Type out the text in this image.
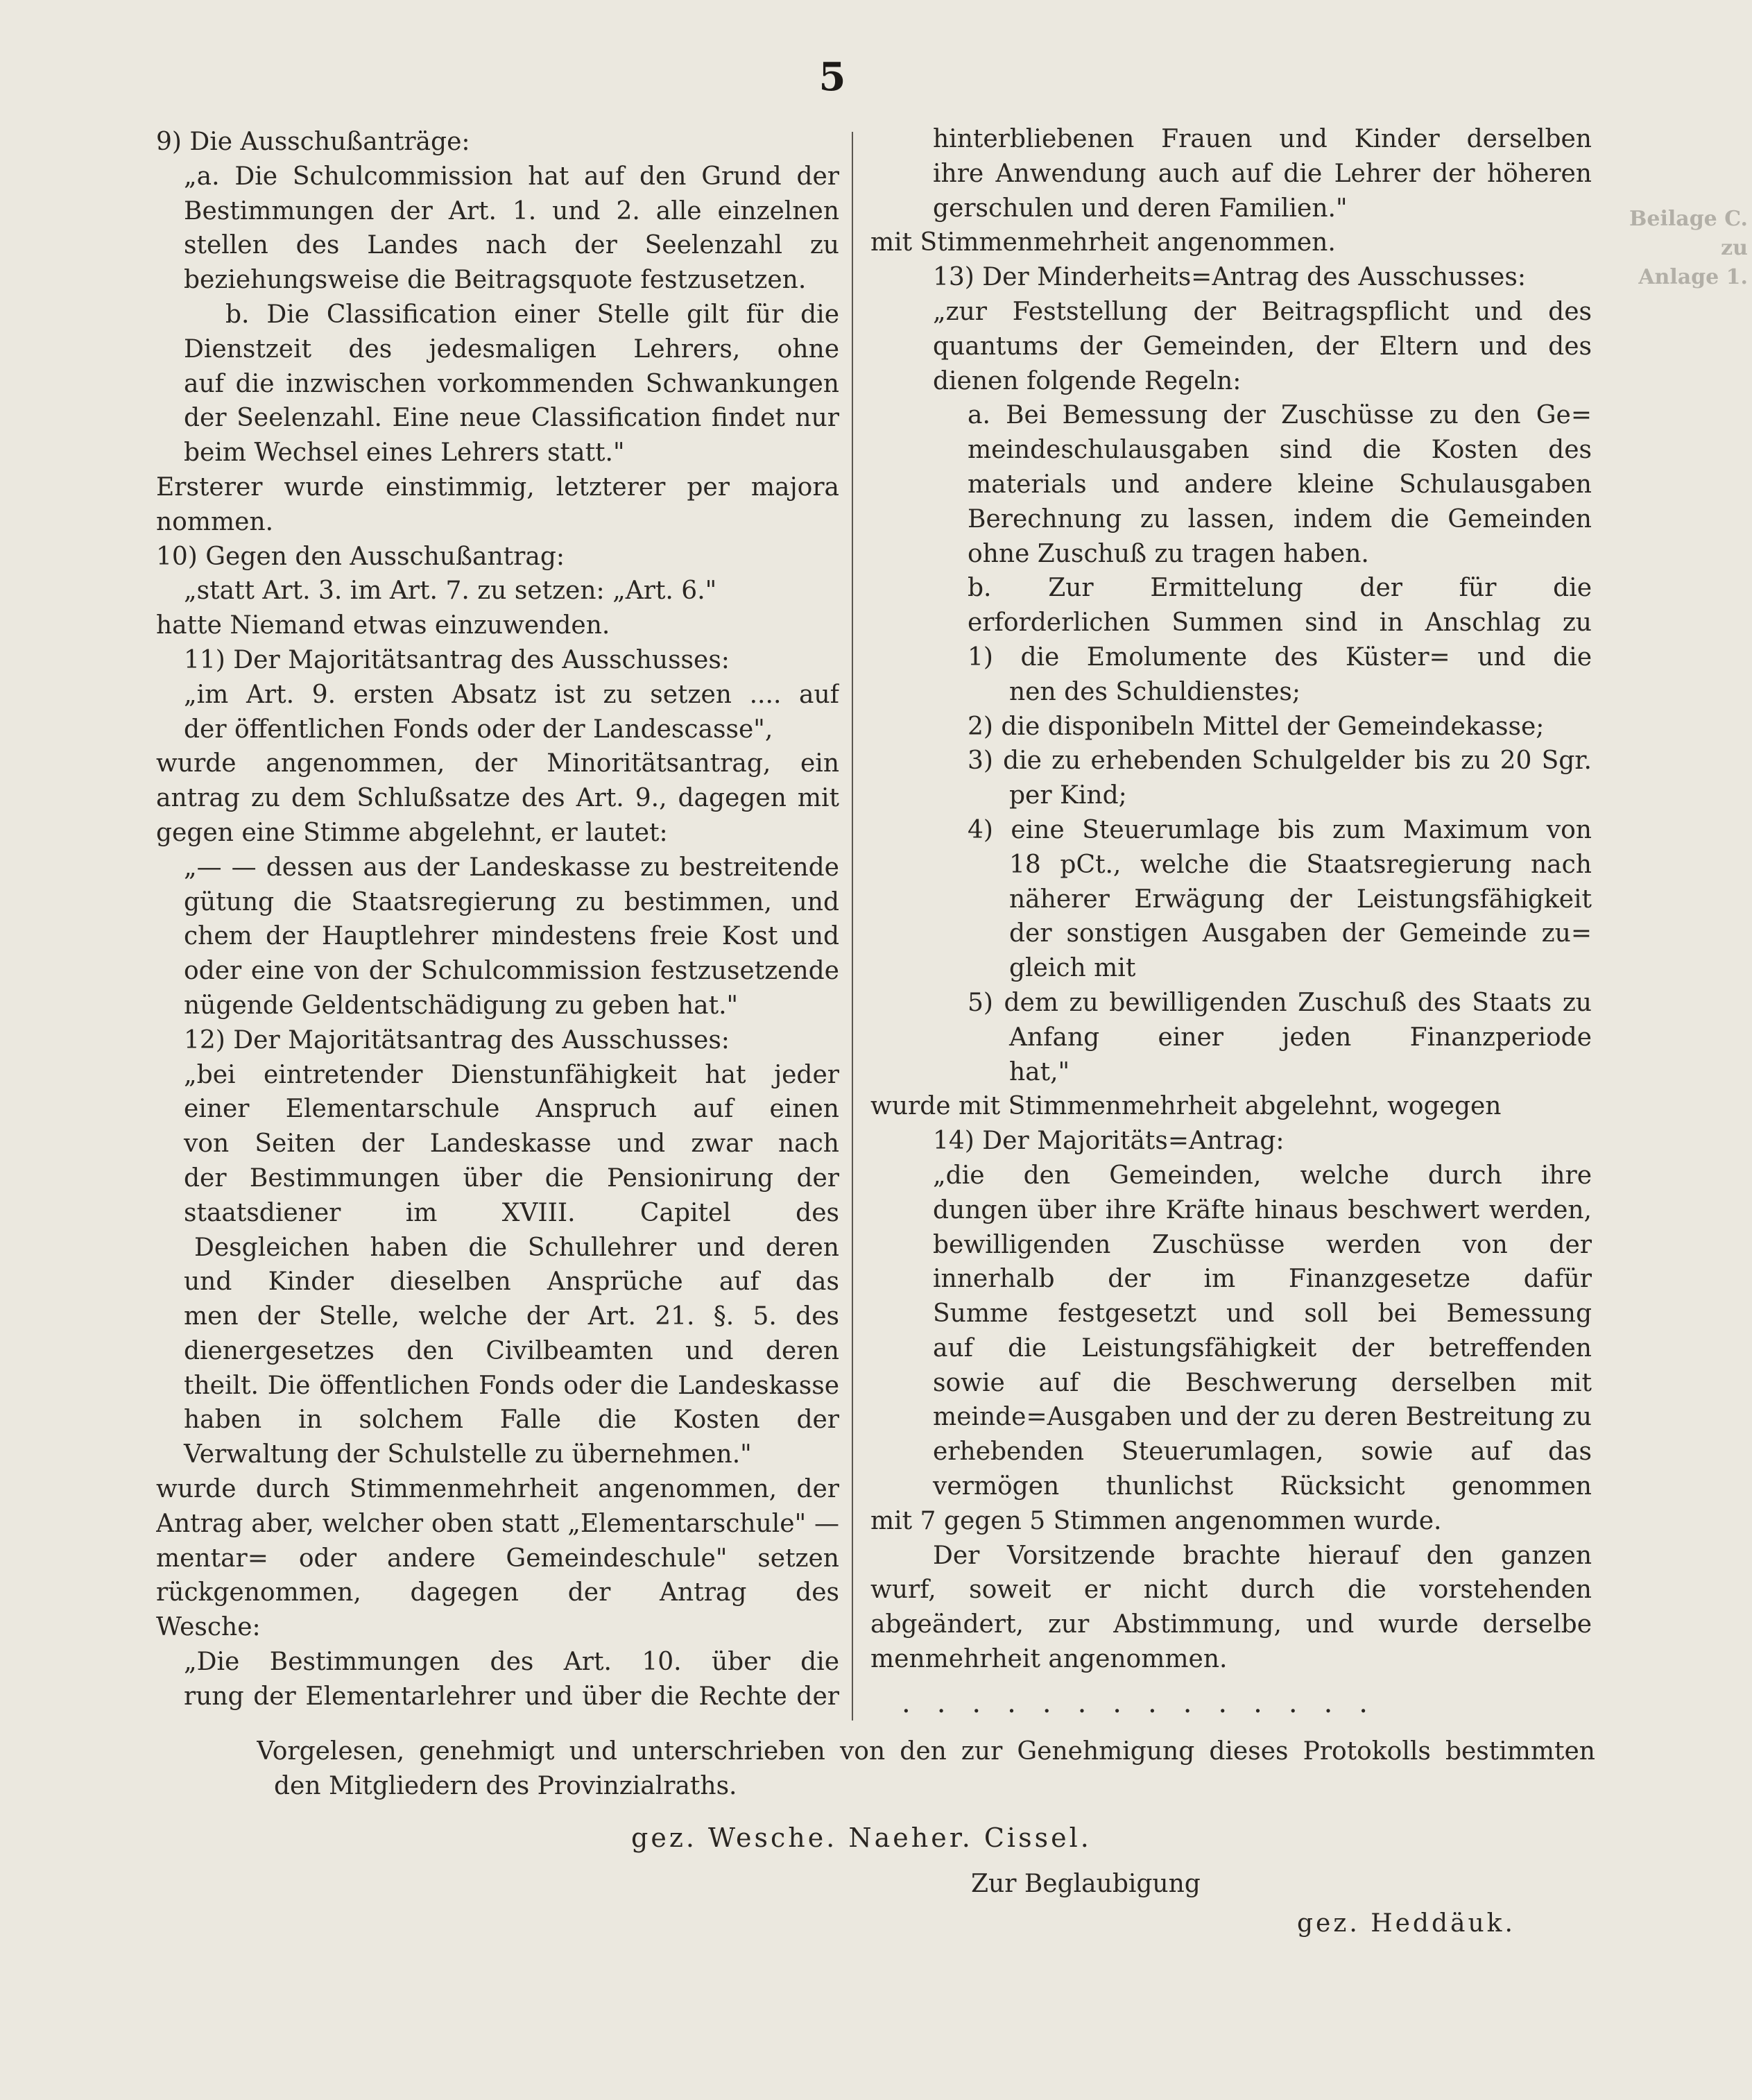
Beilage C. zu
Anlage 1.
5
9) Die Ausschußanträge:
„a. Die Schulcommission hat auf den Grund der
Bestimmungen der Art. 1. und 2. alle einzelnen
stellen des Landes nach der Seelenzahl zu
beziehungsweise die Beitragsquote festzusetzen.
b. Die Classification einer Stelle gilt für die
Dienstzeit des jedesmaligen Lehrers, ohne
auf die inzwischen vorkommenden Schwankungen
der Seelenzahl. Eine neue Classification findet nur
beim Wechsel eines Lehrers statt."
Ersterer wurde einstimmig, letzterer per majora
nommen.
10) Gegen den Ausschußantrag:
„statt Art. 3. im Art. 7. zu setzen: „Art. 6."
hatte Niemand etwas einzuwenden.
11) Der Majoritätsantrag des Ausschusses:
„im Art. 9. ersten Absatz ist zu setzen .... auf
der öffentlichen Fonds oder der Landescasse",
wurde angenommen, der Minoritätsantrag, ein
antrag zu dem Schlußsatze des Art. 9., dagegen mit
gegen eine Stimme abgelehnt, er lautet:
„— — dessen aus der Landeskasse zu bestreitende
gütung die Staatsregierung zu bestimmen, und
chem der Hauptlehrer mindestens freie Kost und
oder eine von der Schulcommission festzusetzende
nügende Geldentschädigung zu geben hat."
12) Der Majoritätsantrag des Ausschusses:
„bei eintretender Dienstunfähigkeit hat jeder
einer Elementarschule Anspruch auf einen
von Seiten der Landeskasse und zwar nach
der Bestimmungen über die Pensionirung der
staatsdiener im XVIII. Capitel des
Desgleichen haben die Schullehrer und deren
und Kinder dieselben Ansprüche auf das
men der Stelle, welche der Art. 21. §. 5. des
dienergesetzes den Civilbeamten und deren
theilt. Die öffentlichen Fonds oder die Landeskasse
haben in solchem Falle die Kosten der
Verwaltung der Schulstelle zu übernehmen."
wurde durch Stimmenmehrheit angenommen, der
Antrag aber, welcher oben statt „Elementarschule" —
mentar= oder andere Gemeindeschule" setzen
rückgenommen, dagegen der Antrag des
Wesche:
„Die Bestimmungen des Art. 10. über die
rung der Elementarlehrer und über die Rechte der
hinterbliebenen Frauen und Kinder derselben
ihre Anwendung auch auf die Lehrer der höheren
gerschulen und deren Familien."
mit Stimmenmehrheit angenommen.
13) Der Minderheits=Antrag des Ausschusses:
„zur Feststellung der Beitragspflicht und des
quantums der Gemeinden, der Eltern und des
dienen folgende Regeln:
a. Bei Bemessung der Zuschüsse zu den Ge=
meindeschulausgaben sind die Kosten des
materials und andere kleine Schulausgaben
Berechnung zu lassen, indem die Gemeinden
ohne Zuschuß zu tragen haben.
b. Zur Ermittelung der für die
erforderlichen Summen sind in Anschlag zu
1) die Emolumente des Küster= und die
nen des Schuldienstes;
2) die disponibeln Mittel der Gemeindekasse;
3) die zu erhebenden Schulgelder bis zu 20 Sgr.
per Kind;
4) eine Steuerumlage bis zum Maximum von
18 pCt., welche die Staatsregierung nach
näherer Erwägung der Leistungsfähigkeit
der sonstigen Ausgaben der Gemeinde zu=
gleich mit
5) dem zu bewilligenden Zuschuß des Staats zu
Anfang einer jeden Finanzperiode
hat,"
wurde mit Stimmenmehrheit abgelehnt, wogegen
14) Der Majoritäts=Antrag:
„die den Gemeinden, welche durch ihre
dungen über ihre Kräfte hinaus beschwert werden,
bewilligenden Zuschüsse werden von der
innerhalb der im Finanzgesetze dafür
Summe festgesetzt und soll bei Bemessung
auf die Leistungsfähigkeit der betreffenden
sowie auf die Beschwerung derselben mit
meinde=Ausgaben und der zu deren Bestreitung zu
erhebenden Steuerumlagen, sowie auf das
vermögen thunlichst Rücksicht genommen
mit 7 gegen 5 Stimmen angenommen wurde.
Der Vorsitzende brachte hierauf den ganzen
wurf, soweit er nicht durch die vorstehenden
abgeändert, zur Abstimmung, und wurde derselbe
menmehrheit angenommen.
..............
Vorgelesen, genehmigt und unterschrieben von den zur Genehmigung dieses Protokolls bestimmten
den Mitgliedern des Provinzialraths.
gez. Wesche. Naeher. Cissel.
Zur Beglaubigung
gez. Heddäuk.
